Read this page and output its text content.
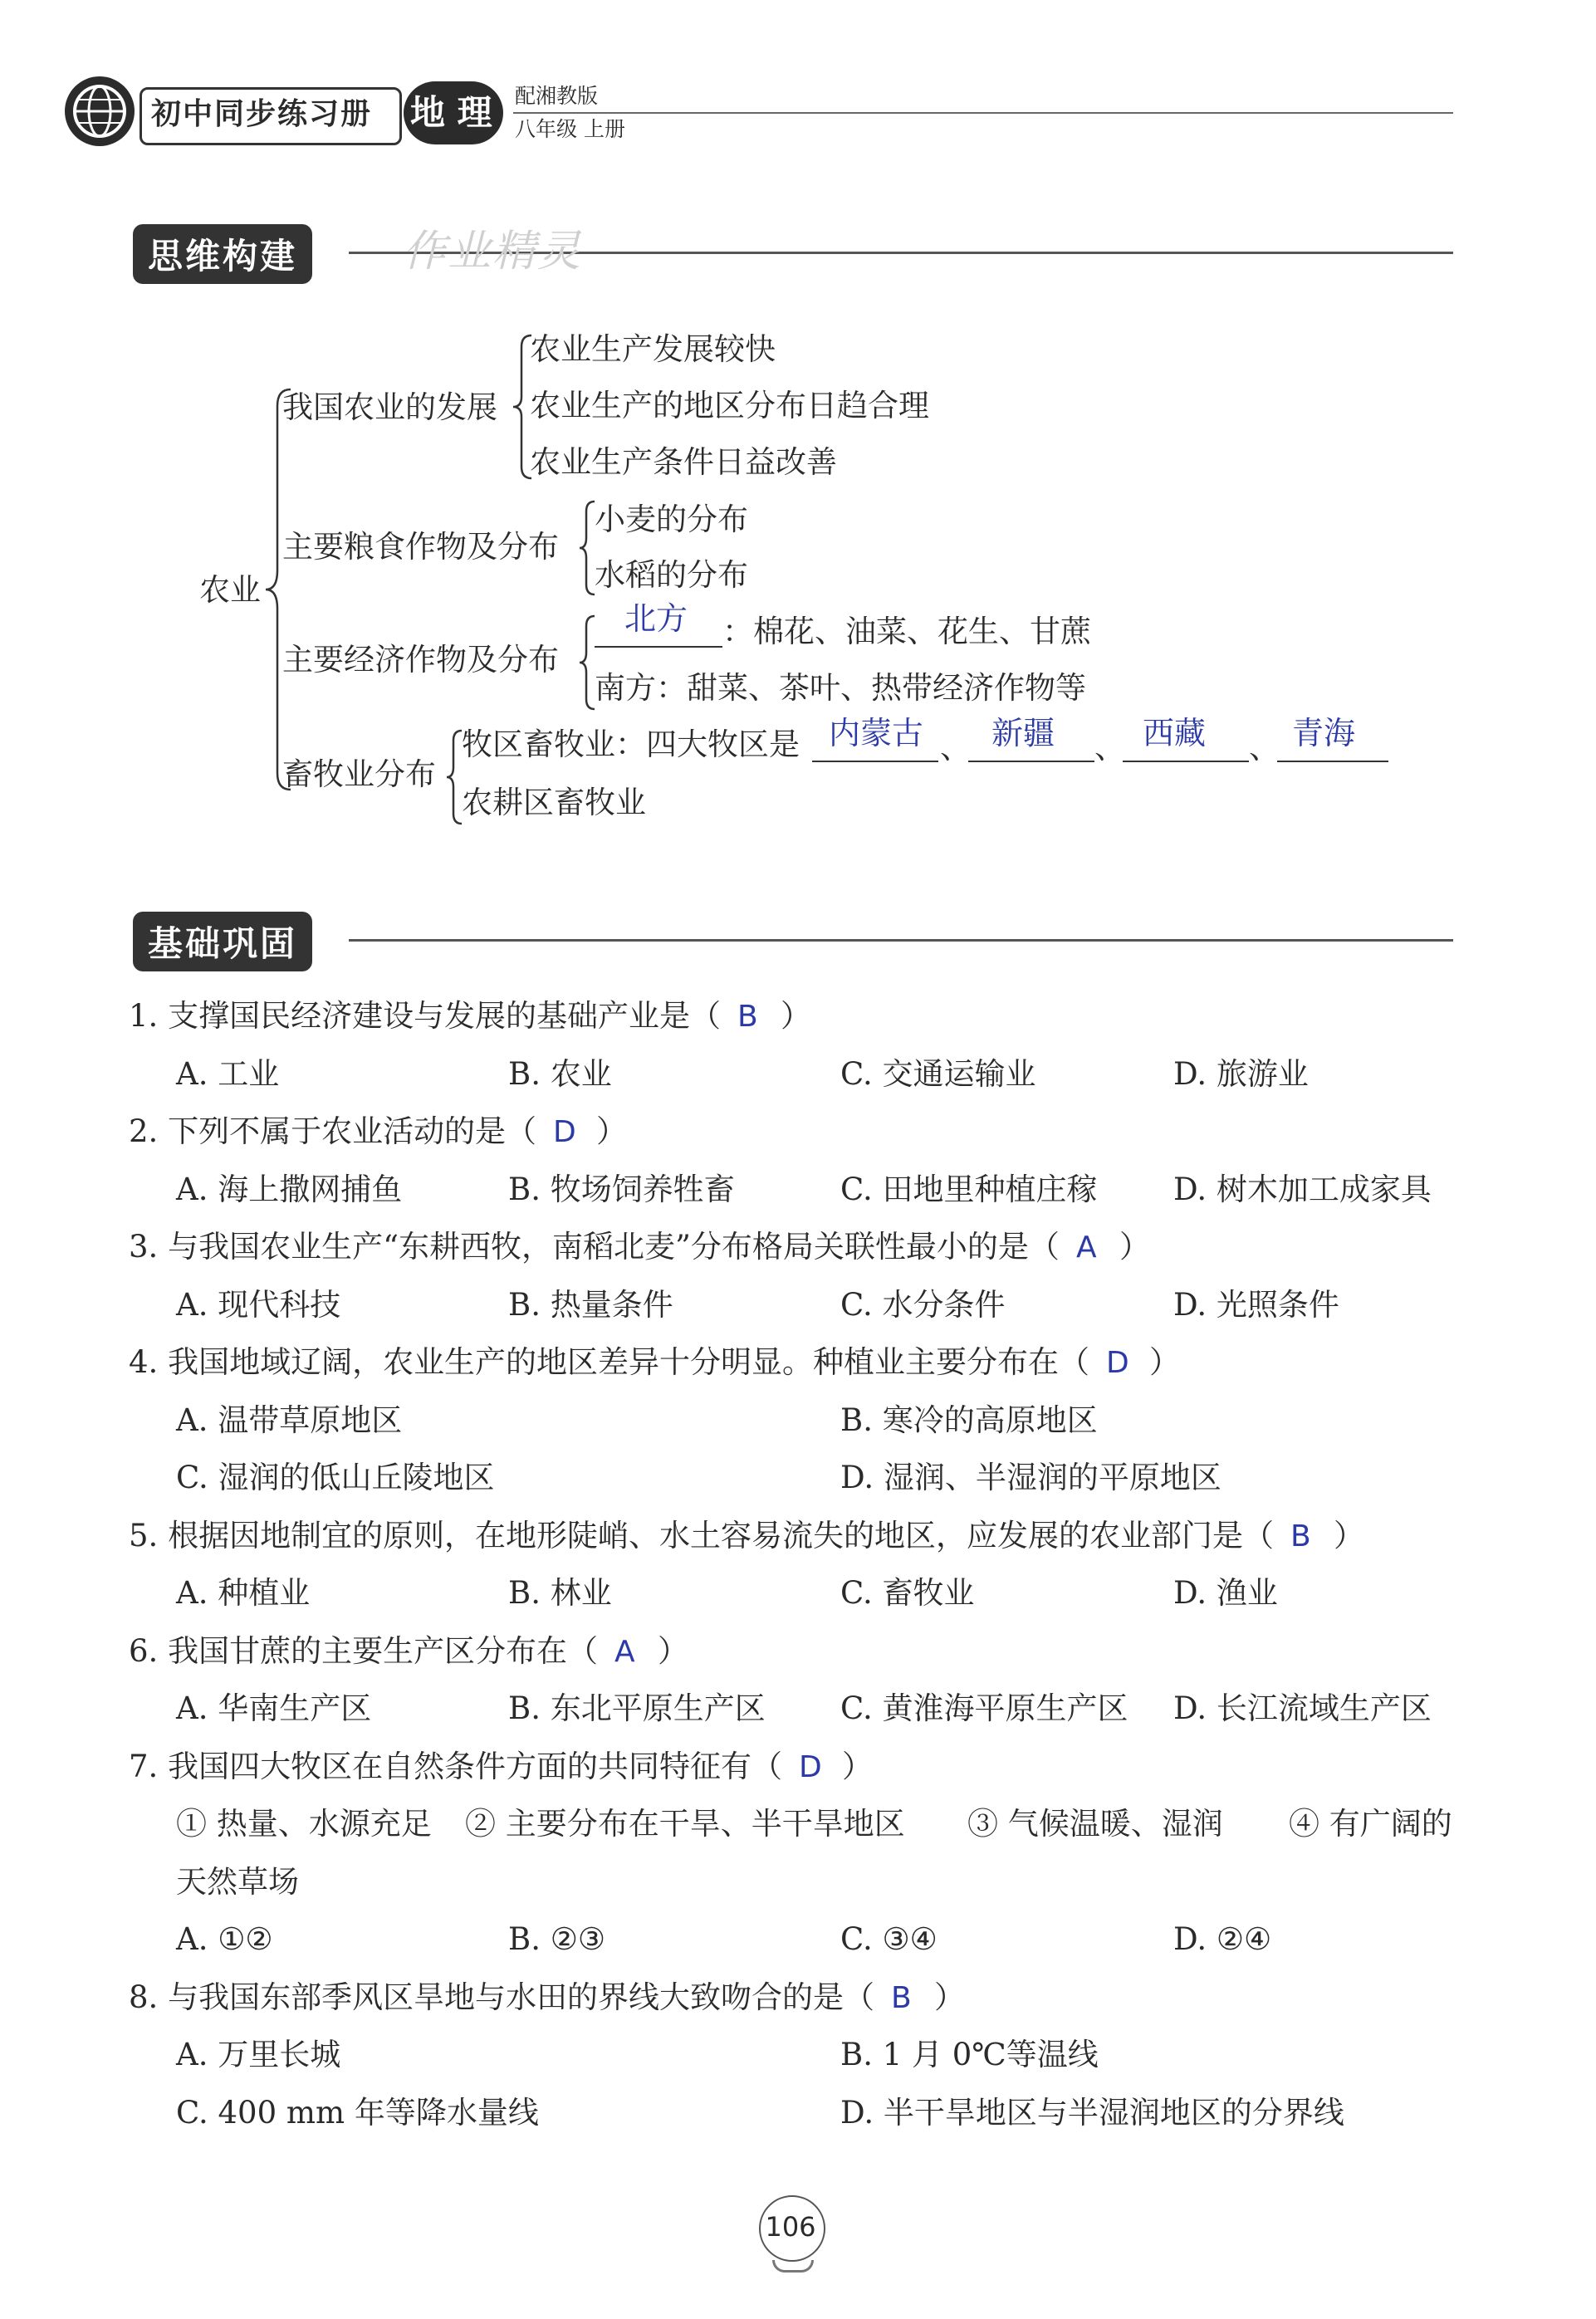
初中同步练习册 地 理 配湘教版
八年级 上册
思维构建	作业精灵
农业
我国农业的发展
农业生产发展较快
农业生产的地区分布日趋合理
农业生产条件日益改善
主要粮食作物及分布
小麦的分布
水稻的分布
主要经济作物及分布
北方 ：棉花、油菜、花生、甘蔗
南方：甜菜、茶叶、热带经济作物等
畜牧业分布
牧区畜牧业：四大牧区是 内蒙古 、 新疆 、 西藏 、 青海
农耕区畜牧业
基础巩固
1. 支撑国民经济建设与发展的基础产业是（ B ）
A. 工业	B. 农业	C. 交通运输业	D. 旅游业
2. 下列不属于农业活动的是（ D ）
A. 海上撒网捕鱼	B. 牧场饲养牲畜	C. 田地里种植庄稼 D. 树木加工成家具
3. 与我国农业生产“东耕西牧，南稻北麦”分布格局关联性最小的是（ A ）
A. 现代科技	B. 热量条件	C. 水分条件	D. 光照条件
4. 我国地域辽阔，农业生产的地区差异十分明显。种植业主要分布在（ D ）
A. 温带草原地区	B. 寒冷的高原地区
C. 湿润的低山丘陵地区	D. 湿润、半湿润的平原地区
5. 根据因地制宜的原则，在地形陡峭、水土容易流失的地区，应发展的农业部门是（ B ）
A. 种植业	B. 林业	C. 畜牧业	D. 渔业
6. 我国甘蔗的主要生产区分布在（ A ）
A. 华南生产区	B. 东北平原生产区 C. 黄淮海平原生产区 D. 长江流域生产区
7. 我国四大牧区在自然条件方面的共同特征有（ D ）
① 热量、水源充足 ② 主要分布在干旱、半干旱地区 ③ 气候温暖、湿润 ④ 有广阔的
天然草场
A. ①②	B. ②③	C. ③④	D. ②④
8. 与我国东部季风区旱地与水田的界线大致吻合的是（ B ）
A. 万里长城	B. 1 月 0℃等温线
C. 400 mm 年等降水量线	D. 半干旱地区与半湿润地区的分界线
106
